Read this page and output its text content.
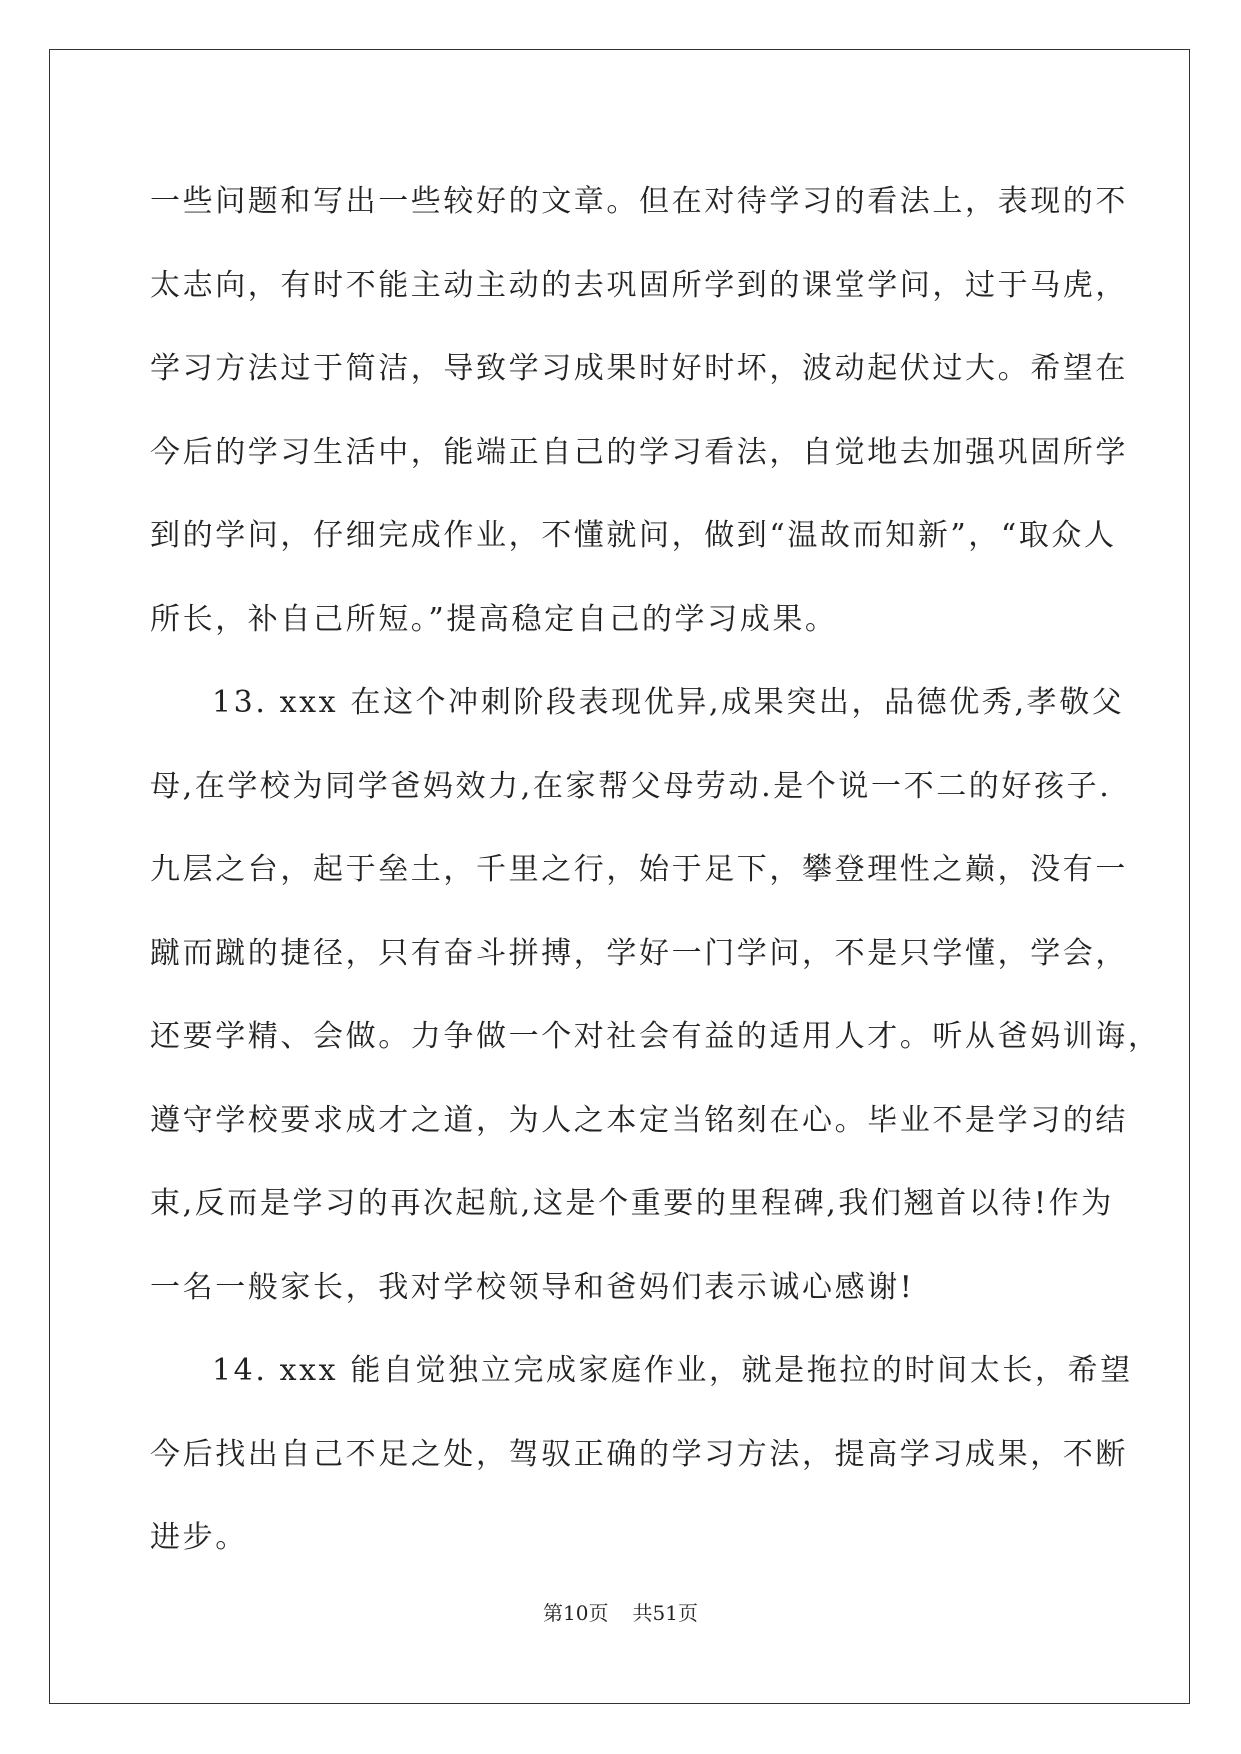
一些问题和写出一些较好的文章。但在对待学习的看法上，表现的不
太志向，有时不能主动主动的去巩固所学到的课堂学问，过于马虎，
学习方法过于简洁，导致学习成果时好时坏，波动起伏过大。希望在
今后的学习生活中，能端正自己的学习看法，自觉地去加强巩固所学
到的学问，仔细完成作业，不懂就问，做到“温故而知新”，“取众人
所长，补自己所短。”提高稳定自己的学习成果。
13. xxx 在这个冲刺阶段表现优异,成果突出，品德优秀,孝敬父
母,在学校为同学爸妈效力,在家帮父母劳动.是个说一不二的好孩子.
九层之台，起于垒土，千里之行，始于足下，攀登理性之巅，没有一
蹴而蹴的捷径，只有奋斗拼搏，学好一门学问，不是只学懂，学会，
还要学精、会做。力争做一个对社会有益的适用人才。听从爸妈训诲，
遵守学校要求成才之道，为人之本定当铭刻在心。毕业不是学习的结
束,反而是学习的再次起航,这是个重要的里程碑,我们翘首以待!作为
一名一般家长，我对学校领导和爸妈们表示诚心感谢!
14. xxx 能自觉独立完成家庭作业，就是拖拉的时间太长，希望
今后找出自己不足之处，驾驭正确的学习方法，提高学习成果，不断
进步。
第10页 共51页
